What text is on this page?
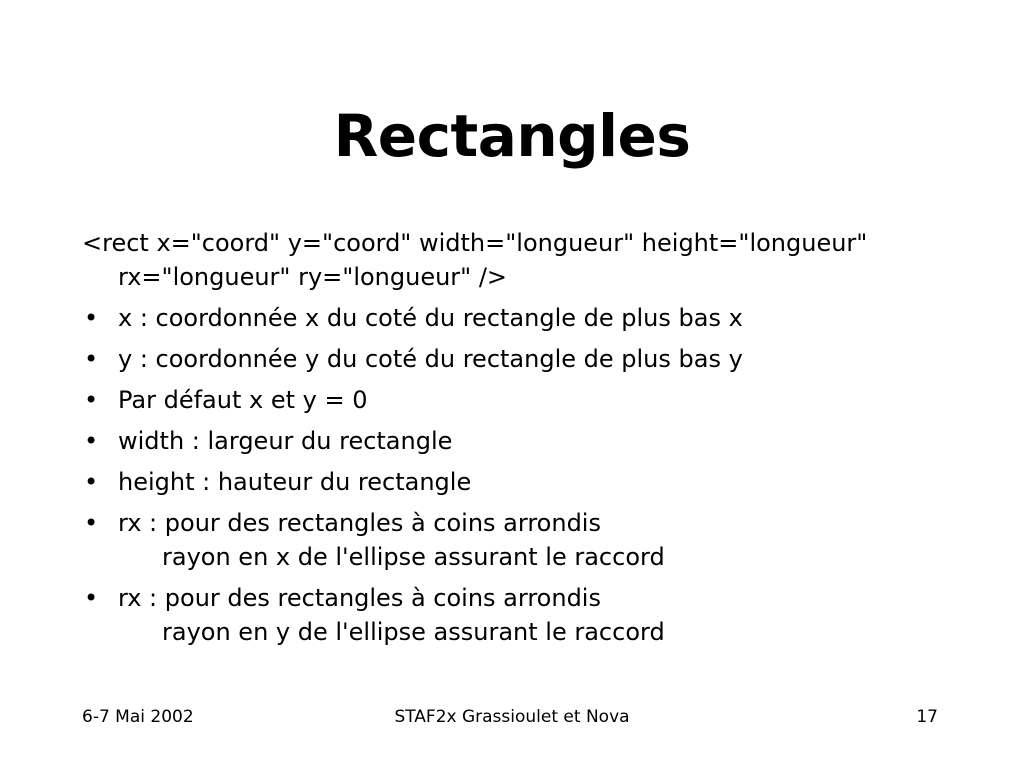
Rectangles
<rect x="coord" y="coord" width="longueur" height="longueur"
rx="longueur" ry="longueur" />
• x : coordonnée x du coté du rectangle de plus bas x
• y : coordonnée y du coté du rectangle de plus bas y
• Par défaut x et y = 0
• width : largeur du rectangle
• height : hauteur du rectangle
• rx : pour des rectangles à coins arrondis
rayon en x de l'ellipse assurant le raccord
• rx : pour des rectangles à coins arrondis
rayon en y de l'ellipse assurant le raccord
6-7 Mai 2002	STAF2x Grassioulet et Nova	17
